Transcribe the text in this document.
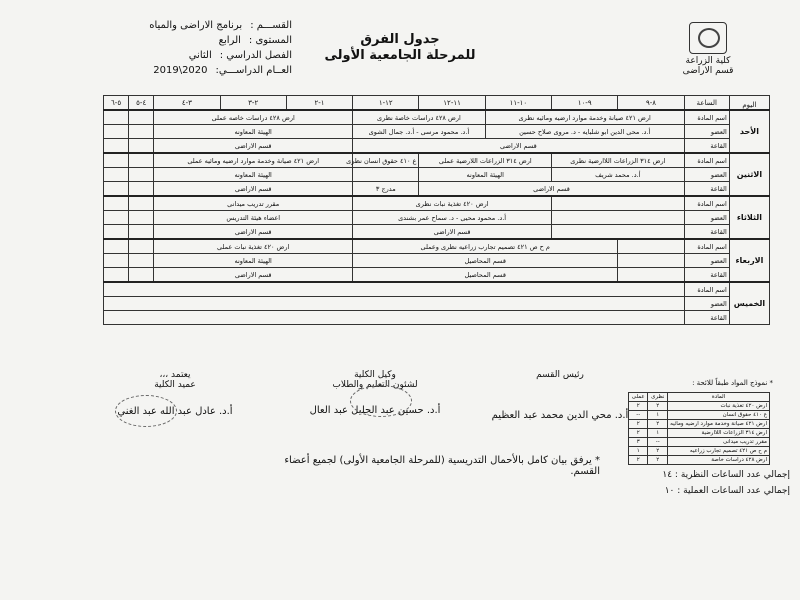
كلية الزراعة
قسم الاراضى
جدول الفرق
للمرحلة الجامعية الأولى
القســـم :برنامج الاراضى والمياه
المستوى :الرابع
الفصل الدراسي :الثاني
العــام الدراســـي:2020\2019
اليوم	الساعة	٨-٩	٩-١٠	١٠-١١	١١-١٢	١٢-١	١-٢	٢-٣	٣-٤	٤-٥	٥-٦
الأحد	اسم المادة	ارض ٤٢١ صيانة وخدمة موارد ارضيه ومائيه نظرى			ارض ٤٢٨ دراسات خاصة نظرى		ارض ٤٢٨ دراسات خاصه عملى				
	العضو	أ.د. محى الدين ابو شلبايه - د. مروى صلاح حسين			أ.د. محمود مرسى - أ.د. جمال الشوى		الهيئة المعاونه				
	القاعة	قسم الاراضى					قسم الاراضى				
الاثنين	اسم المادة	ارض ٣١٤ الزراعات اللاارضية نظرى		ارض ٣١٤ الزراعات اللارضية عملى		ع ٤١٠ حقوق انسان نظرى	ارض ٤٢١ صيانة وخدمة موارد ارضيه ومائيه عملى				
	العضو	أ.د. محمد شريف		الهيئة المعاونه			الهيئة المعاونه				
	القاعة	قسم الاراضى				مدرج ٣	قسم الاراضى				
الثلاثاء	اسم المادة			ارض ٤٢٠ تغذية نبات نظرى			مقرر تدريب ميدانى				
	العضو			أ.د. محمود محيى - د. سماح عمر بشندى			اعضاء هيئة التدريس				
	القاعة			قسم الاراضى			قسم الاراضى				
الاربعاء	اسم المادة		م ح ص ٤٢١ تصميم تجارب زراعيه نظرى وعملى				ارض ٤٢٠ تغذية نبات عملى				
	العضو		قسم المحاصيل				الهيئة المعاونه				
	القاعة		قسم المحاصيل				قسم الاراضى				
الخميس	اسم المادة										
	العضو										
	القاعة										
رئيس القسم
أ.د. محي الدين محمد عبد العظيم
وكيل الكلية
لشئون التعليم والطلاب
أ.د. حسين عبد الجليل عبد العال
يعتمد ،،،
عميد الكلية
أ.د. عادل عبد الله عبد الغني
* نموذج المواد طبقاً للائحة :
المادة	نظرى	عملى
ارض ٤٢٠ تغذية نبات	٢	٢
ع ٤١٠ حقوق انسان	١	--
ارض ٤٢١ صيانة وخدمة موارد ارضيه ومائيه	٢	٢
ارض ٣١٤ الزراعات اللاارضية	١	٢
مقرر تدريب ميدانى	--	٣
م ح ص ٤٢١ تصميم تجارب زراعيه	٢	١
ارض ٤٢٨ دراسات خاصة	٢	٢
* يرفق بيان كامل بالأحمال التدريسية (للمرحلة الجامعية الأولى) لجميع أعضاء القسم.	إجمالي عدد الساعات النظرية : ١٤
إجمالي عدد الساعات العملية : ١٠
